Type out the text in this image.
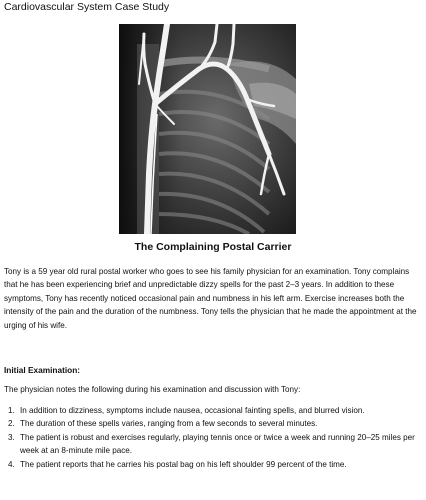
Cardiovascular System Case Study
The Complaining Postal Carrier

Tony is a 59 year old rural postal worker who goes to see his family physician for an examination. Tony complains that he has been experiencing brief and unpredictable dizzy spells for the past 2–3 years. In addition to these symptoms, Tony has recently noticed occasional pain and numbness in his left arm. Exercise increases both the intensity of the pain and the duration of the numbness. Tony tells the physician that he made the appointment at the urging of his wife.

Initial Examination:
The physician notes the following during his examination and discussion with Tony:
1. In addition to dizziness, symptoms include nausea, occasional fainting spells, and blurred vision.
2. The duration of these spells varies, ranging from a few seconds to several minutes.
3. The patient is robust and exercises regularly, playing tennis once or twice a week and running 20–25 miles per week at an 8-minute mile pace.
4. The patient reports that he carries his postal bag on his left shoulder 99 percent of the time.
